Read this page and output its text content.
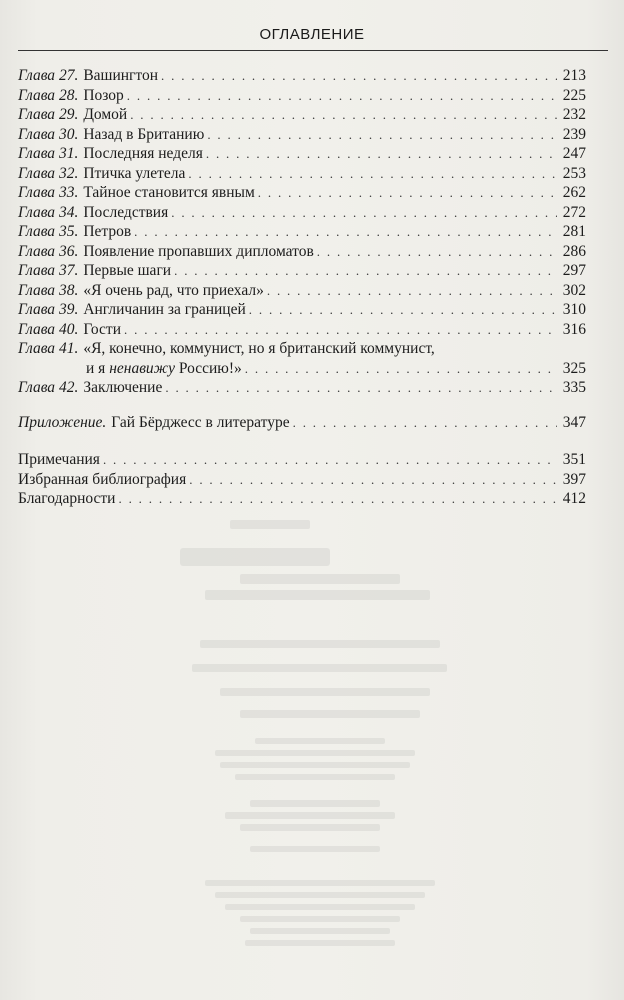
ОГЛАВЛЕНИЕ
Глава 27. Вашингтон . . .	213
Глава 28. Позор . . .	225
Глава 29. Домой . . .	232
Глава 30. Назад в Британию . . .	239
Глава 31. Последняя неделя . . .	247
Глава 32. Птичка улетела . . .	253
Глава 33. Тайное становится явным . . .	262
Глава 34. Последствия . . .	272
Глава 35. Петров . . .	281
Глава 36. Появление пропавших дипломатов . . .	286
Глава 37. Первые шаги . . .	297
Глава 38. «Я очень рад, что приехал» . . .	302
Глава 39. Англичанин за границей . . .	310
Глава 40. Гости . . .	316
Глава 41. «Я, конечно, коммунист, но я британский коммунист,
и я ненавижу Россию!» . . .	325
Глава 42. Заключение . . .	335
Приложение. Гай Бёрджесс в литературе . . .	347
Примечания . . .	351
Избранная библиография . . .	397
Благодарности . . .	412
